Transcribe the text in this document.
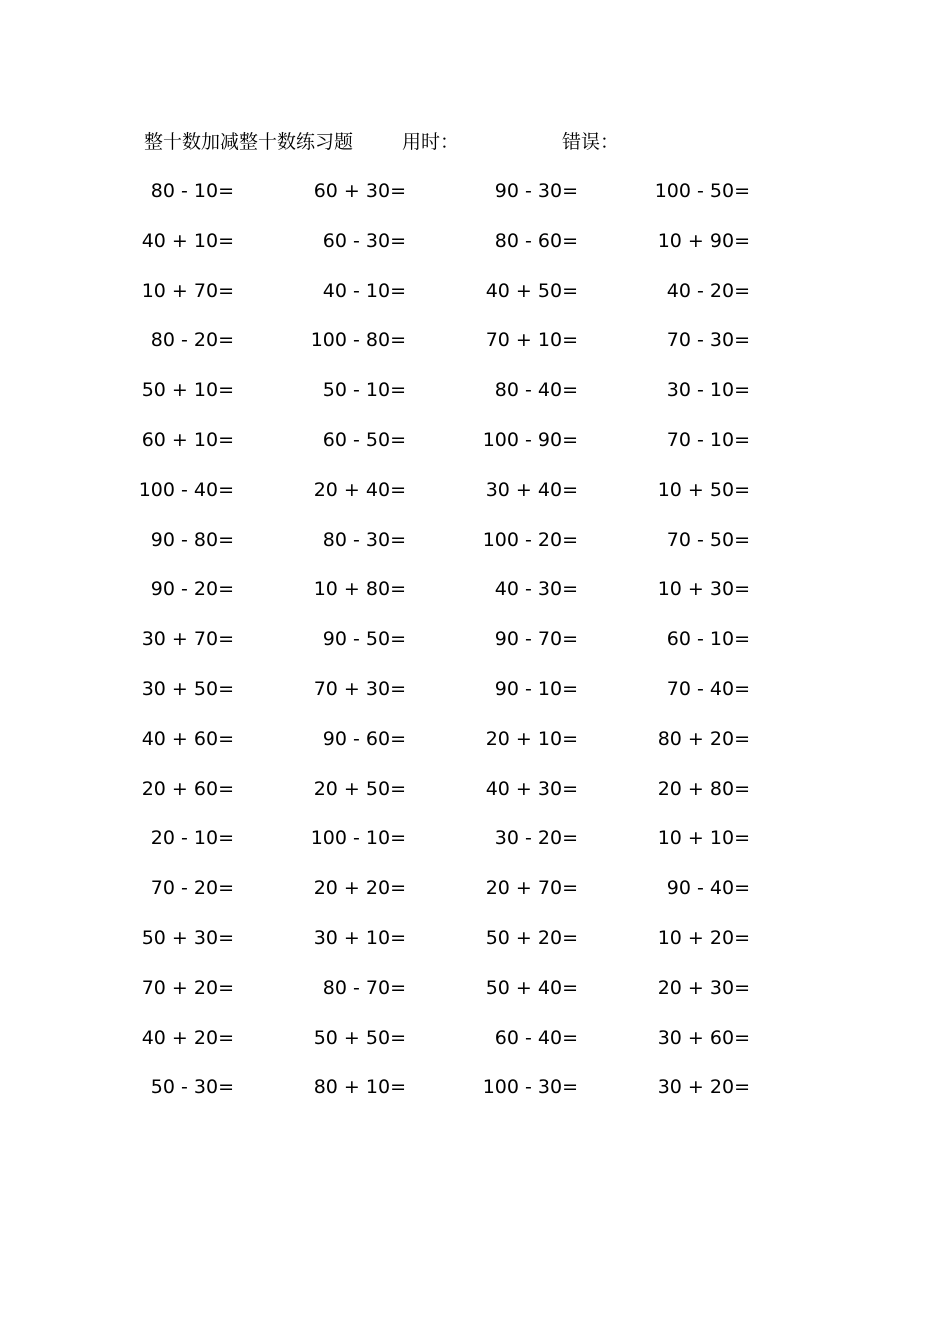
整十数加减整十数练习题	用时：	错误：
80 - 10=	60 + 30=	90 - 30=	100 - 50=
40 + 10=	60 - 30=	80 - 60=	10 + 90=
10 + 70=	40 - 10=	40 + 50=	40 - 20=
80 - 20=	100 - 80=	70 + 10=	70 - 30=
50 + 10=	50 - 10=	80 - 40=	30 - 10=
60 + 10=	60 - 50=	100 - 90=	70 - 10=
100 - 40=	20 + 40=	30 + 40=	10 + 50=
90 - 80=	80 - 30=	100 - 20=	70 - 50=
90 - 20=	10 + 80=	40 - 30=	10 + 30=
30 + 70=	90 - 50=	90 - 70=	60 - 10=
30 + 50=	70 + 30=	90 - 10=	70 - 40=
40 + 60=	90 - 60=	20 + 10=	80 + 20=
20 + 60=	20 + 50=	40 + 30=	20 + 80=
20 - 10=	100 - 10=	30 - 20=	10 + 10=
70 - 20=	20 + 20=	20 + 70=	90 - 40=
50 + 30=	30 + 10=	50 + 20=	10 + 20=
70 + 20=	80 - 70=	50 + 40=	20 + 30=
40 + 20=	50 + 50=	60 - 40=	30 + 60=
50 - 30=	80 + 10=	100 - 30=	30 + 20=
